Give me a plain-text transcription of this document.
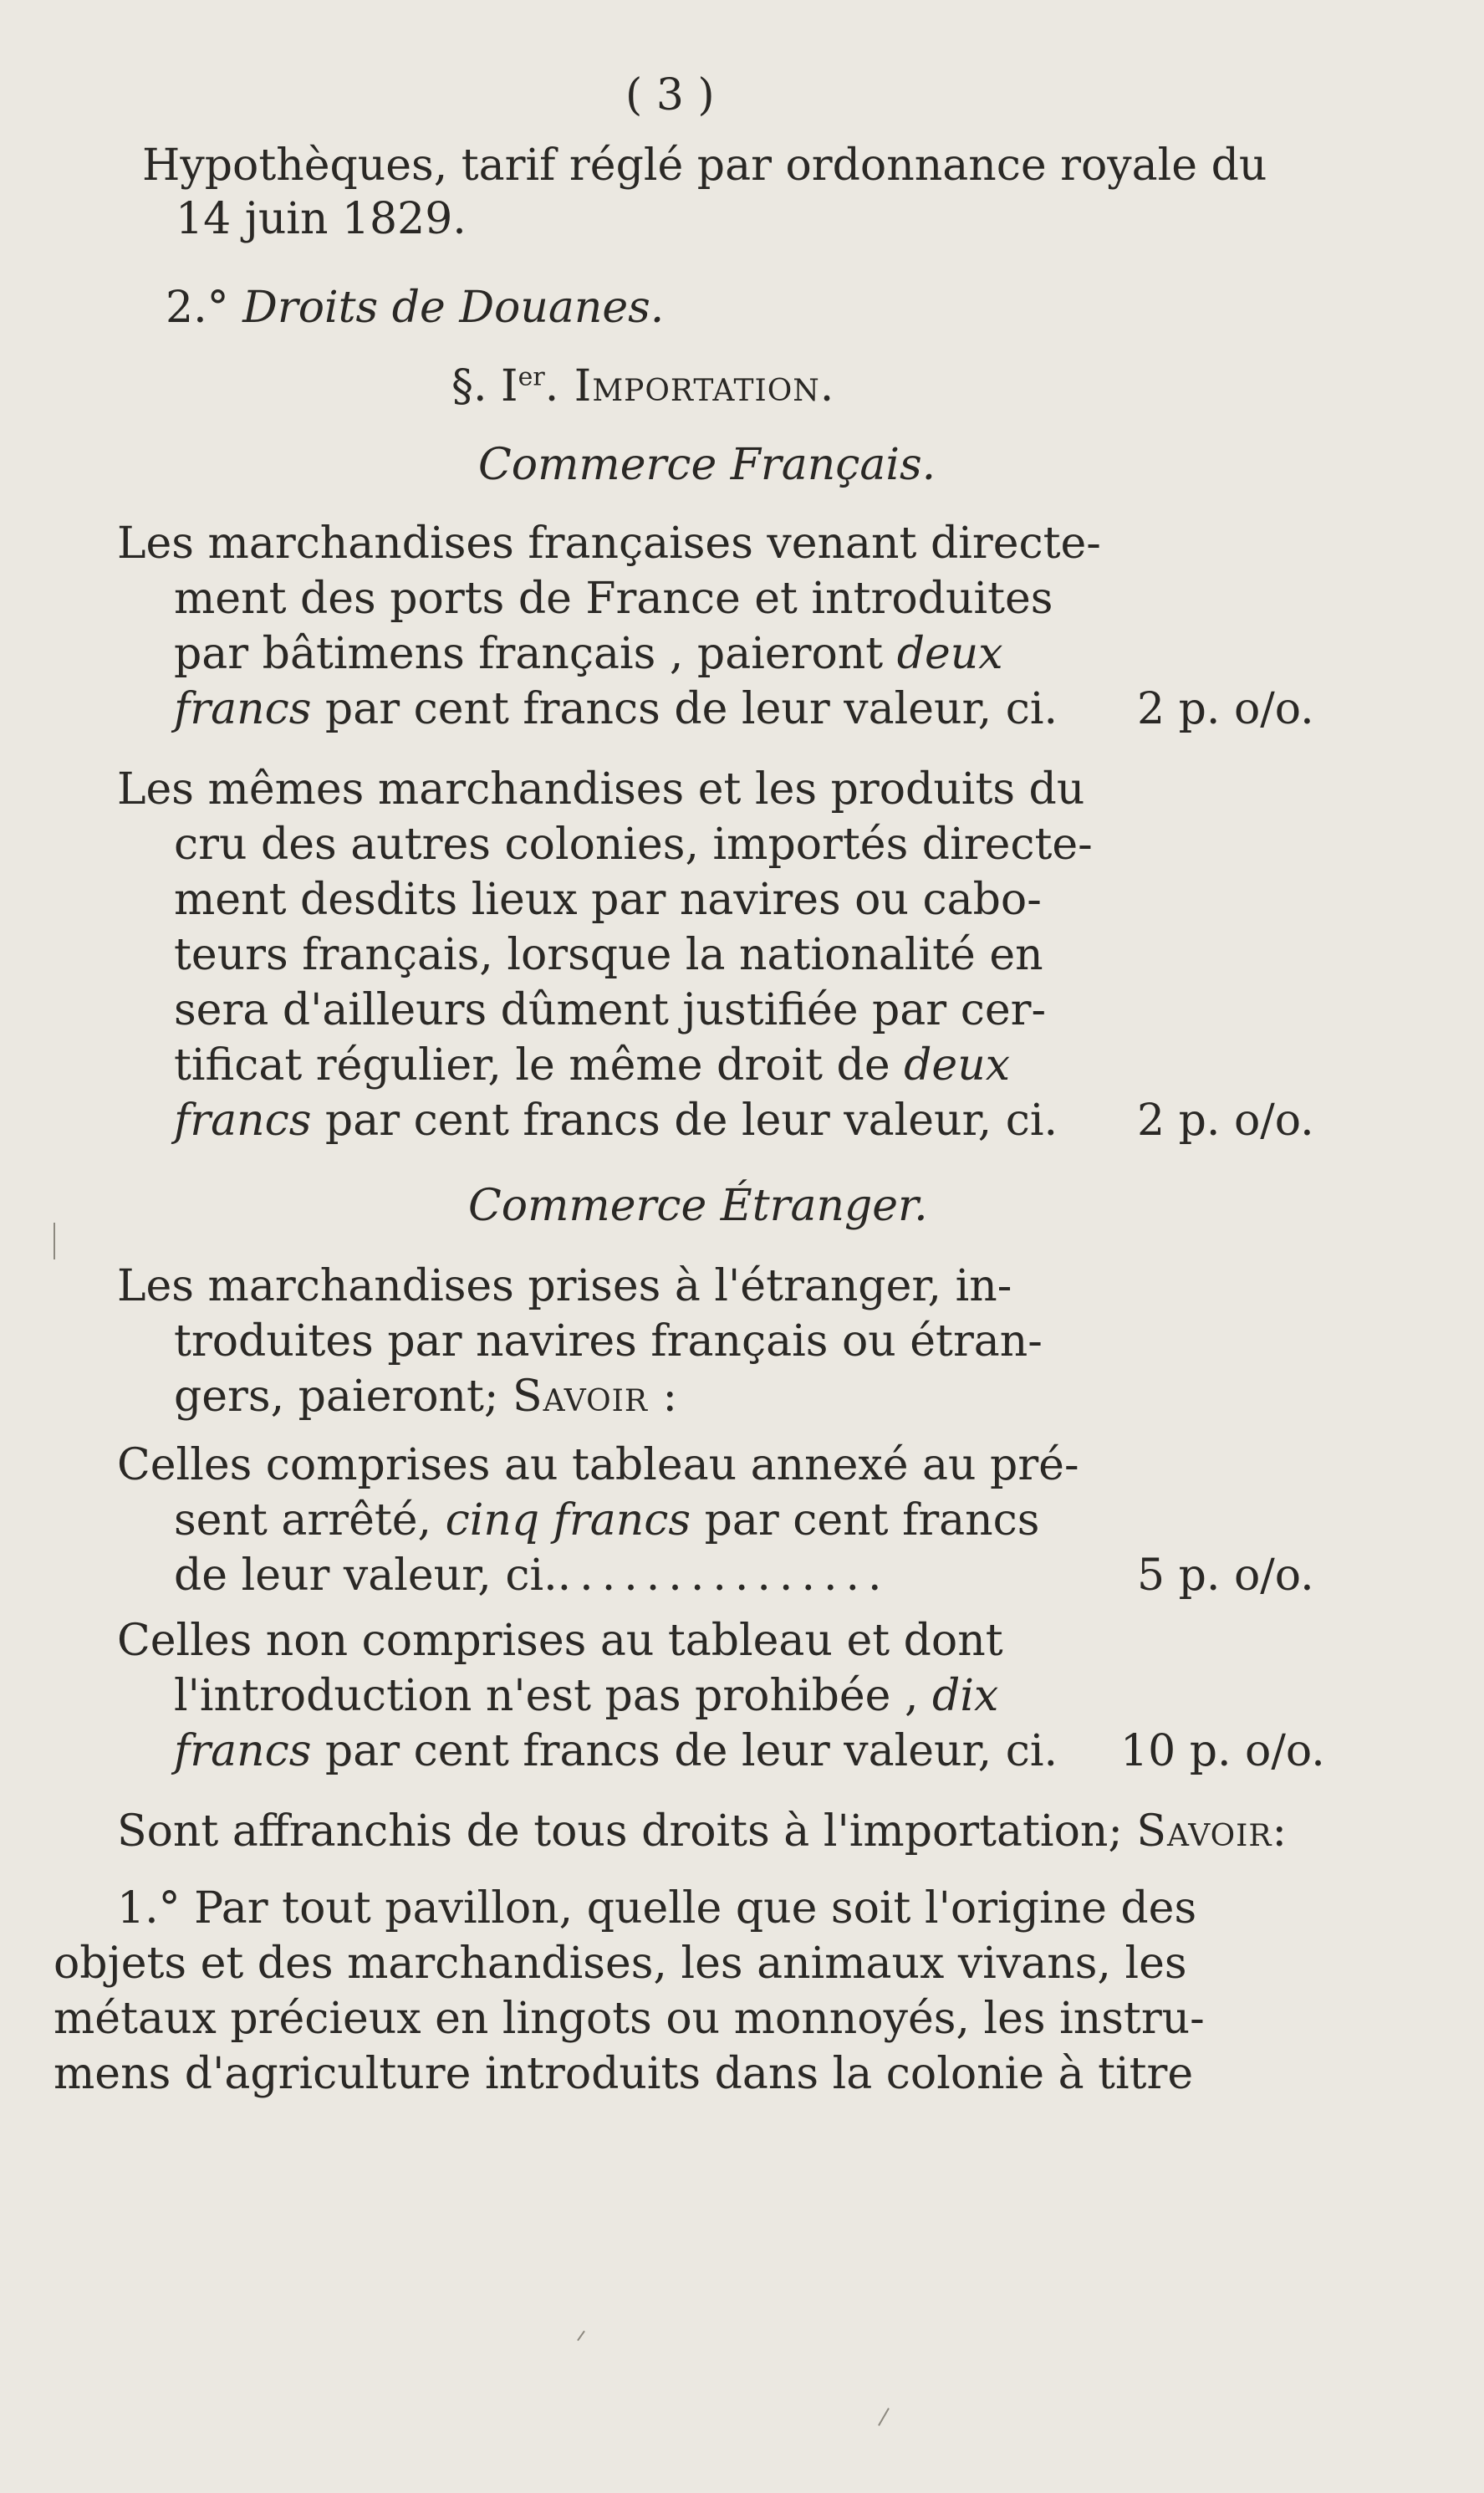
( 3 )
Hypothèques, tarif réglé par ordonnance royale du
14 juin 1829.
2.° Droits de Douanes.
§. Ier. Importation.
Commerce Français.
Les marchandises françaises venant directe-
ment des ports de France et introduites
par bâtimens français , paieront deux
francs par cent francs de leur valeur, ci. 2 p. o/o.
Les mêmes marchandises et les produits du
cru des autres colonies, importés directe-
ment desdits lieux par navires ou cabo-
teurs français, lorsque la nationalité en
sera d'ailleurs dûment justifiée par cer-
tificat régulier, le même droit de deux
francs par cent francs de leur valeur, ci. 2 p. o/o.
Commerce Étranger.
Les marchandises prises à l'étranger, in-
troduites par navires français ou étran-
gers, paieront; Savoir :
Celles comprises au tableau annexé au pré-
sent arrêté, cinq francs par cent francs
de leur valeur, ci................	5 p. o/o.
Celles non comprises au tableau et dont
l'introduction n'est pas prohibée , dix
francs par cent francs de leur valeur, ci. 10 p. o/o.
Sont affranchis de tous droits à l'importation; Savoir:
1.° Par tout pavillon, quelle que soit l'origine des
objets et des marchandises, les animaux vivans, les
métaux précieux en lingots ou monnoyés, les instru-
mens d'agriculture introduits dans la colonie à titre
